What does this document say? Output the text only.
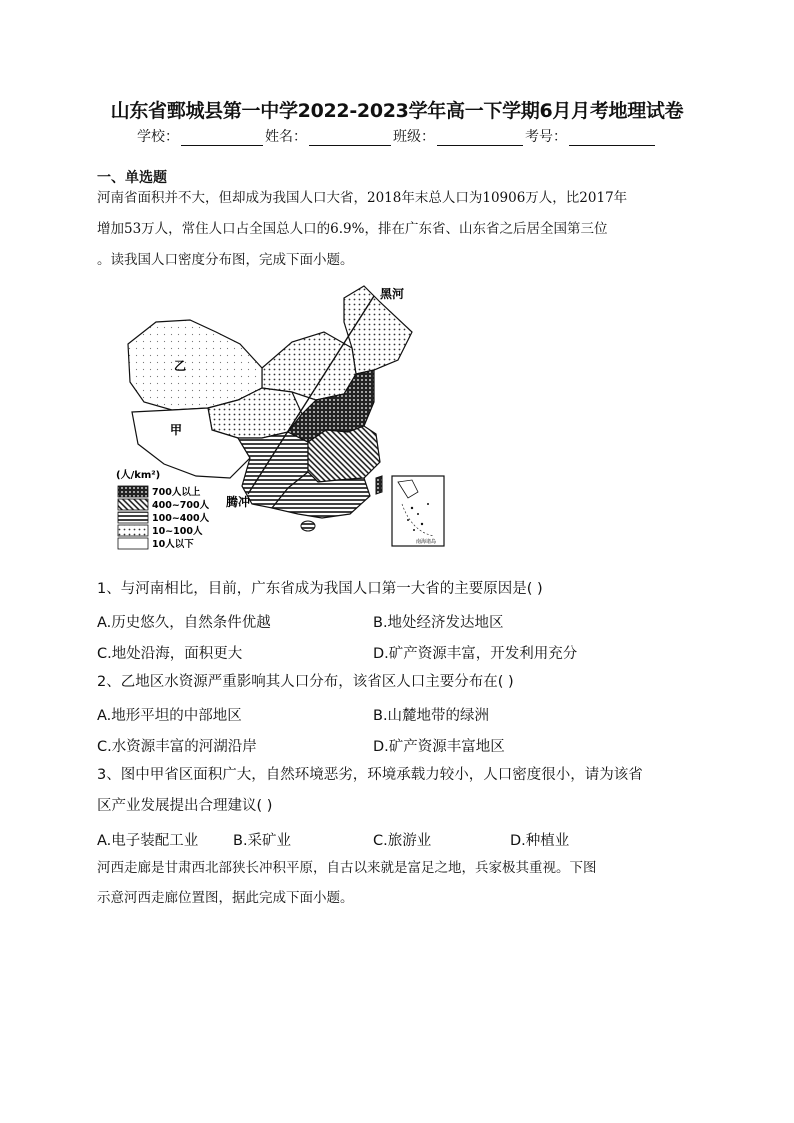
山东省鄄城县第一中学2022-2023学年高一下学期6月月考地理试卷
学校：	姓名：	班级：	考号：
一、单选题
河南省面积并不大，但却成为我国人口大省，2018年末总人口为10906万人，比2017年
增加53万人，常住人口占全国总人口的6.9%，排在广东省、山东省之后居全国第三位
。读我国人口密度分布图，完成下面小题。
黑河
乙
甲
腾冲
(人/km²)
700人以上
400~700人
100~400人
10~100人
10人以下	南海诸岛
1、与河南相比，目前，广东省成为我国人口第一大省的主要原因是( )
A.历史悠久，自然条件优越	B.地处经济发达地区
C.地处沿海，面积更大	D.矿产资源丰富，开发利用充分
2、乙地区水资源严重影响其人口分布，该省区人口主要分布在( )
A.地形平坦的中部地区	B.山麓地带的绿洲
C.水资源丰富的河湖沿岸	D.矿产资源丰富地区
3、图中甲省区面积广大，自然环境恶劣，环境承载力较小，人口密度很小，请为该省
区产业发展提出合理建议( )
A.电子装配工业 B.采矿业	C.旅游业	D.种植业
河西走廊是甘肃西北部狭长冲积平原，自古以来就是富足之地，兵家极其重视。下图
示意河西走廊位置图，据此完成下面小题。
